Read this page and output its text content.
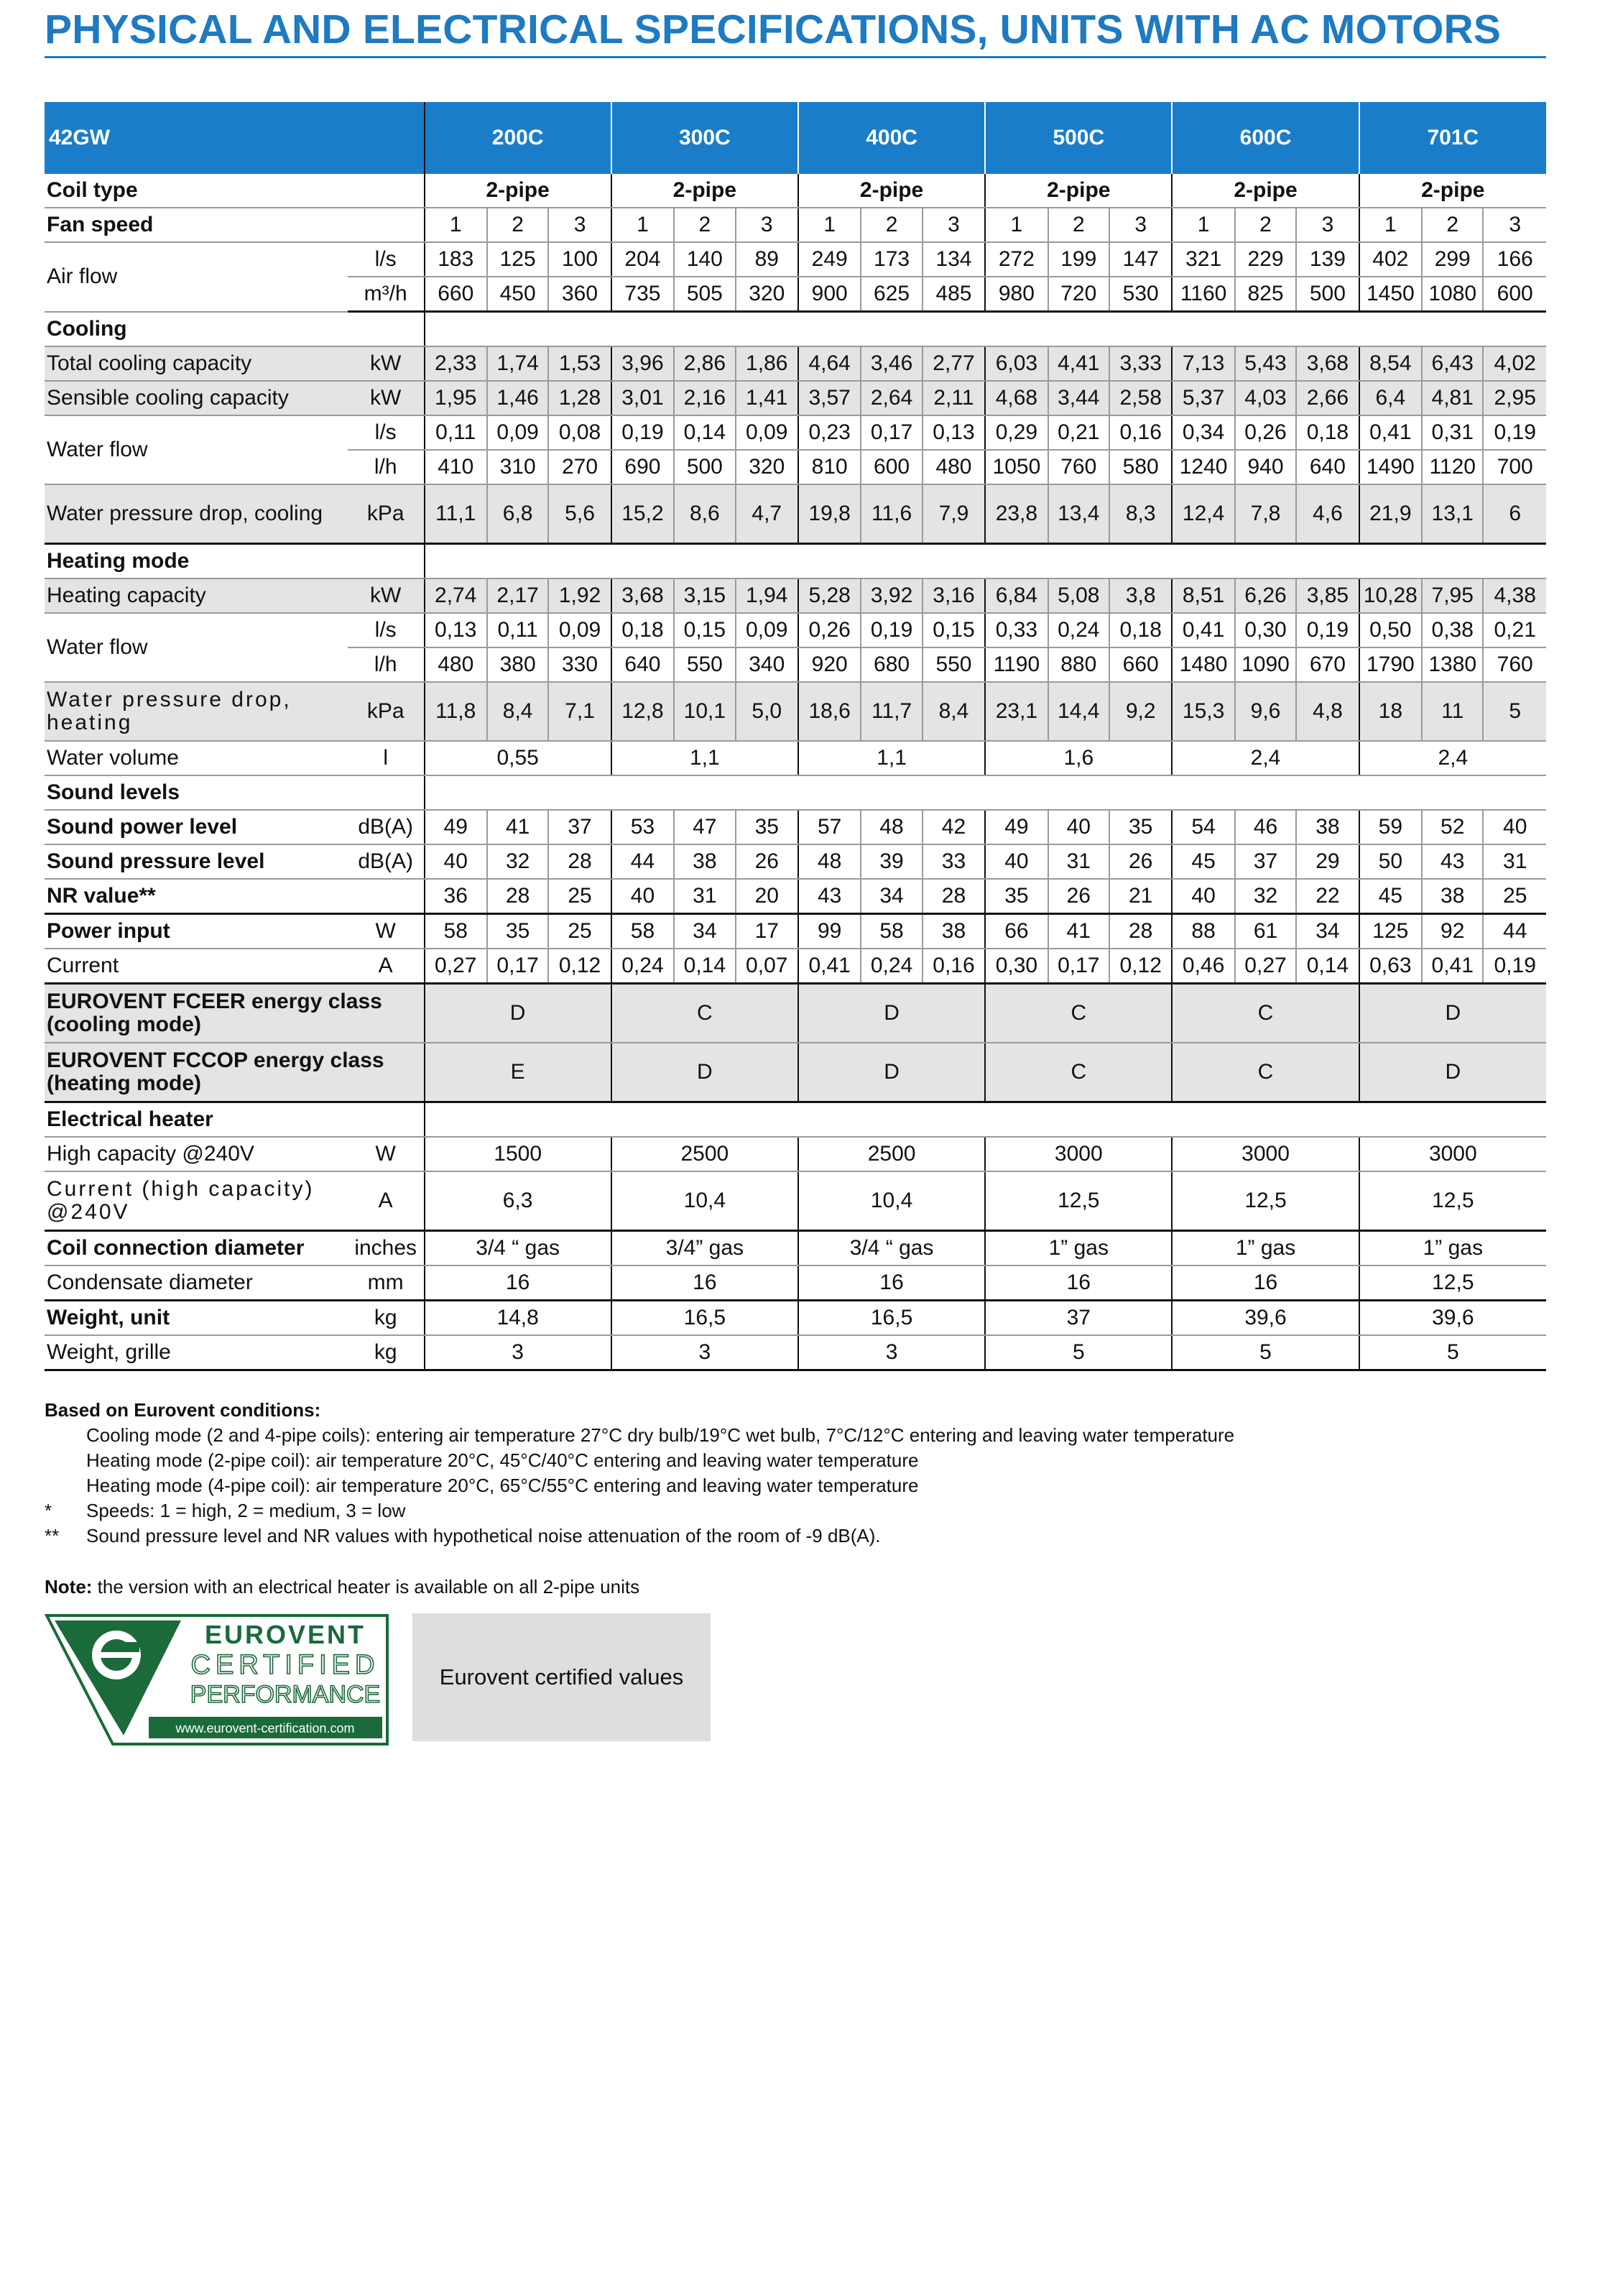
PHYSICAL AND ELECTRICAL SPECIFICATIONS, UNITS WITH AC MOTORS
42GW		200C			300C			400C			500C			600C			701C		
Coil type		2-pipe			2-pipe			2-pipe			2-pipe			2-pipe			2-pipe		
Fan speed		1	2	3	1	2	3	1	2	3	1	2	3	1	2	3	1	2	3
Air flow	l/s	183	125	100	204	140	89	249	173	134	272	199	147	321	229	139	402	299	166
	m³/h	660	450	360	735	505	320	900	625	485	980	720	530	1160	825	500	1450	1080	600
Cooling																			
Total cooling capacity	kW	2,33	1,74	1,53	3,96	2,86	1,86	4,64	3,46	2,77	6,03	4,41	3,33	7,13	5,43	3,68	8,54	6,43	4,02
Sensible cooling capacity	kW	1,95	1,46	1,28	3,01	2,16	1,41	3,57	2,64	2,11	4,68	3,44	2,58	5,37	4,03	2,66	6,4	4,81	2,95
Water flow	l/s	0,11	0,09	0,08	0,19	0,14	0,09	0,23	0,17	0,13	0,29	0,21	0,16	0,34	0,26	0,18	0,41	0,31	0,19
	l/h	410	310	270	690	500	320	810	600	480	1050	760	580	1240	940	640	1490	1120	700
Water pressure drop, cooling	kPa	11,1	6,8	5,6	15,2	8,6	4,7	19,8	11,6	7,9	23,8	13,4	8,3	12,4	7,8	4,6	21,9	13,1	6
Heating mode																			
Heating capacity	kW	2,74	2,17	1,92	3,68	3,15	1,94	5,28	3,92	3,16	6,84	5,08	3,8	8,51	6,26	3,85	10,28	7,95	4,38
Water flow	l/s	0,13	0,11	0,09	0,18	0,15	0,09	0,26	0,19	0,15	0,33	0,24	0,18	0,41	0,30	0,19	0,50	0,38	0,21
	l/h	480	380	330	640	550	340	920	680	550	1190	880	660	1480	1090	670	1790	1380	760
Water pressure drop, heating	kPa	11,8	8,4	7,1	12,8	10,1	5,0	18,6	11,7	8,4	23,1	14,4	9,2	15,3	9,6	4,8	18	11	5
Water volume	l	0,55			1,1			1,1			1,6			2,4			2,4		
Sound levels																			
Sound power level	dB(A)	49	41	37	53	47	35	57	48	42	49	40	35	54	46	38	59	52	40
Sound pressure level	dB(A)	40	32	28	44	38	26	48	39	33	40	31	26	45	37	29	50	43	31
NR value**		36	28	25	40	31	20	43	34	28	35	26	21	40	32	22	45	38	25
Power input	W	58	35	25	58	34	17	99	58	38	66	41	28	88	61	34	125	92	44
Current	A	0,27	0,17	0,12	0,24	0,14	0,07	0,41	0,24	0,16	0,30	0,17	0,12	0,46	0,27	0,14	0,63	0,41	0,19
EUROVENT FCEER energy class (cooling mode)		D			C			D			C			C			D		
EUROVENT FCCOP energy class (heating mode)		E			D			D			C			C			D		
Electrical heater																			
High capacity @240V	W	1500			2500			2500			3000			3000			3000		
Current (high capacity) @240V	A	6,3			10,4			10,4			12,5			12,5			12,5		
Coil connection diameter	inches	3/4 “ gas			3/4” gas			3/4 “ gas			1” gas			1” gas			1” gas		
Condensate diameter	mm	16			16			16			16			16			12,5		
Weight, unit	kg	14,8			16,5			16,5			37			39,6			39,6		
Weight, grille	kg	3			3			3			5			5			5		
Based on Eurovent conditions:
Cooling mode (2 and 4-pipe coils): entering air temperature 27°C dry bulb/19°C wet bulb, 7°C/12°C entering and leaving water temperature
Heating mode (2-pipe coil): air temperature 20°C, 45°C/40°C entering and leaving water temperature
Heating mode (4-pipe coil): air temperature 20°C, 65°C/55°C entering and leaving water temperature
*	Speeds: 1 = high, 2 = medium, 3 = low
**	Sound pressure level and NR values with hypothetical noise attenuation of the room of -9 dB(A).
Note: the version with an electrical heater is available on all 2-pipe units
EUROVENT
CERTIFIED
PERFORMANCE
www.eurovent-certification.com
Eurovent certified values
